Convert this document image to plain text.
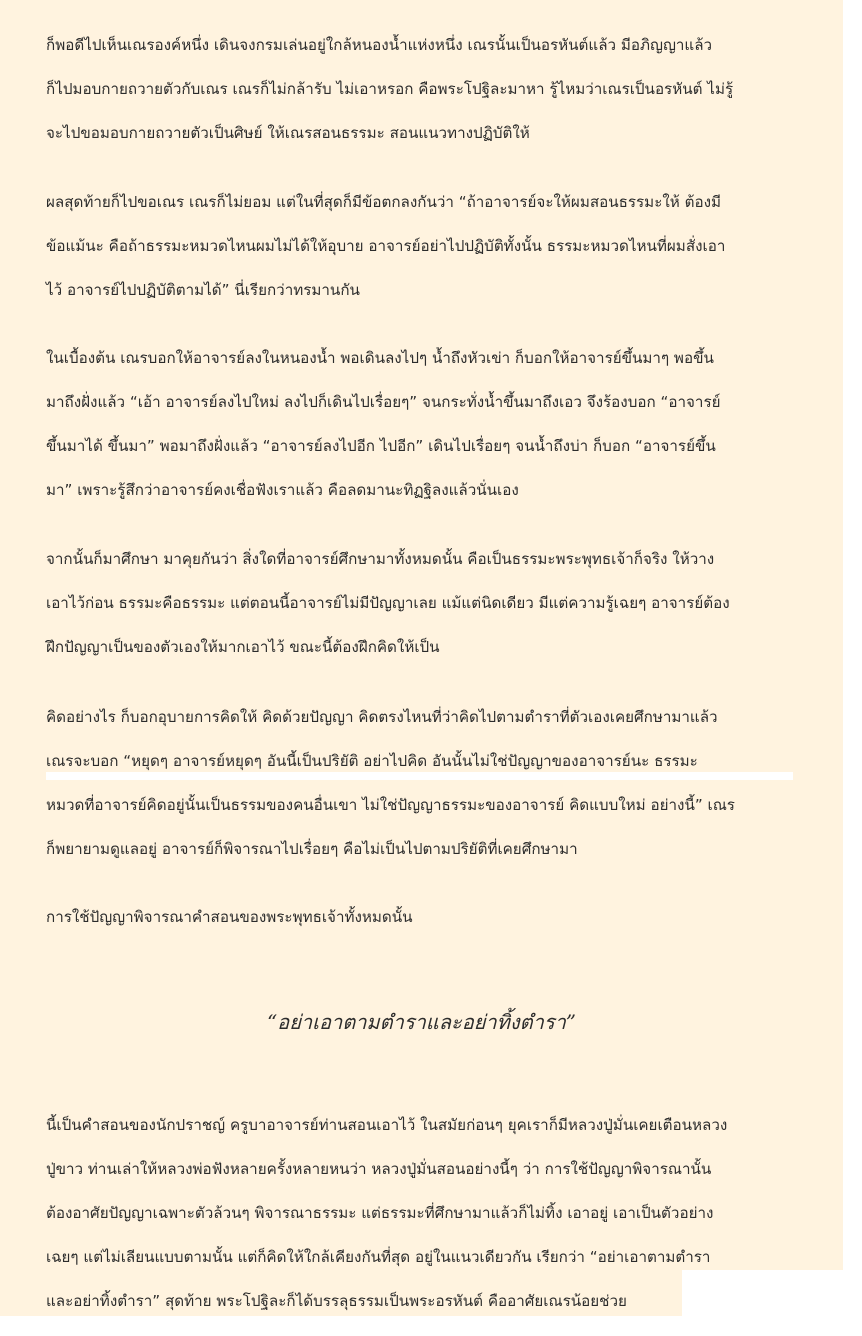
ก็พอดีไปเห็นเณรองค์หนึ่ง เดินจงกรมเล่นอยู่ใกล้หนองน้ำแห่งหนึ่ง เณรนั้นเป็นอรหันต์แล้ว มีอภิญญาแล้ว
ก็ไปมอบกายถวายตัวกับเณร เณรก็ไม่กล้ารับ ไม่เอาหรอก คือพระโปฐิละมาหา รู้ไหมว่าเณรเป็นอรหันต์ ไม่รู้
จะไปขอมอบกายถวายตัวเป็นศิษย์ ให้เณรสอนธรรมะ สอนแนวทางปฏิบัติให้
ผลสุดท้ายก็ไปขอเณร เณรก็ไม่ยอม แต่ในที่สุดก็มีข้อตกลงกันว่า “ถ้าอาจารย์จะให้ผมสอนธรรมะให้ ต้องมี
ข้อแม้นะ คือถ้าธรรมะหมวดไหนผมไม่ได้ให้อุบาย อาจารย์อย่าไปปฏิบัติทั้งนั้น ธรรมะหมวดไหนที่ผมสั่งเอา
ไว้ อาจารย์ไปปฏิบัติตามได้” นี่เรียกว่าทรมานกัน
ในเบื้องต้น เณรบอกให้อาจารย์ลงในหนองน้ำ พอเดินลงไปๆ น้ำถึงหัวเข่า ก็บอกให้อาจารย์ขึ้นมาๆ พอขึ้น
มาถึงฝั่งแล้ว “เอ้า อาจารย์ลงไปใหม่ ลงไปก็เดินไปเรื่อยๆ” จนกระทั่งน้ำขึ้นมาถึงเอว จึงร้องบอก “อาจารย์
ขึ้นมาได้ ขึ้นมา” พอมาถึงฝั่งแล้ว “อาจารย์ลงไปอีก ไปอีก” เดินไปเรื่อยๆ จนน้ำถึงบ่า ก็บอก “อาจารย์ขึ้น
มา” เพราะรู้สึกว่าอาจารย์คงเชื่อฟังเราแล้ว คือลดมานะทิฏฐิลงแล้วนั่นเอง
จากนั้นก็มาศึกษา มาคุยกันว่า สิ่งใดที่อาจารย์ศึกษามาทั้งหมดนั้น คือเป็นธรรมะพระพุทธเจ้าก็จริง ให้วาง
เอาไว้ก่อน ธรรมะคือธรรมะ แต่ตอนนี้อาจารย์ไม่มีปัญญาเลย แม้แต่นิดเดียว มีแต่ความรู้เฉยๆ อาจารย์ต้อง
ฝึกปัญญาเป็นของตัวเองให้มากเอาไว้ ขณะนี้ต้องฝึกคิดให้เป็น
คิดอย่างไร ก็บอกอุบายการคิดให้ คิดด้วยปัญญา คิดตรงไหนที่ว่าคิดไปตามตำราที่ตัวเองเคยศึกษามาแล้ว
เณรจะบอก “หยุดๆ อาจารย์หยุดๆ อันนี้เป็นปริยัติ อย่าไปคิด อันนั้นไม่ใช่ปัญญาของอาจารย์นะ ธรรมะ
หมวดที่อาจารย์คิดอยู่นั้นเป็นธรรมของคนอื่นเขา ไม่ใช่ปัญญาธรรมะของอาจารย์ คิดแบบใหม่ อย่างนี้” เณร
ก็พยายามดูแลอยู่ อาจารย์ก็พิจารณาไปเรื่อยๆ คือไม่เป็นไปตามปริยัติที่เคยศึกษามา
การใช้ปัญญาพิจารณาคำสอนของพระพุทธเจ้าทั้งหมดนั้น
“อย่าเอาตามตำราและอย่าทิ้งตำรา”
นี้เป็นคำสอนของนักปราชญ์ ครูบาอาจารย์ท่านสอนเอาไว้ ในสมัยก่อนๆ ยุคเราก็มีหลวงปู่มั่นเคยเตือนหลวง
ปู่ขาว ท่านเล่าให้หลวงพ่อฟังหลายครั้งหลายหนว่า หลวงปู่มั่นสอนอย่างนี้ๆ ว่า การใช้ปัญญาพิจารณานั้น
ต้องอาศัยปัญญาเฉพาะตัวล้วนๆ พิจารณาธรรมะ แต่ธรรมะที่ศึกษามาแล้วก็ไม่ทิ้ง เอาอยู่ เอาเป็นตัวอย่าง
เฉยๆ แต่ไม่เลียนแบบตามนั้น แต่ก็คิดให้ใกล้เคียงกันที่สุด อยู่ในแนวเดียวกัน เรียกว่า “อย่าเอาตามตำรา
และอย่าทิ้งตำรา” สุดท้าย พระโปฐิละก็ได้บรรลุธรรมเป็นพระอรหันต์ คืออาศัยเณรน้อยช่วย
